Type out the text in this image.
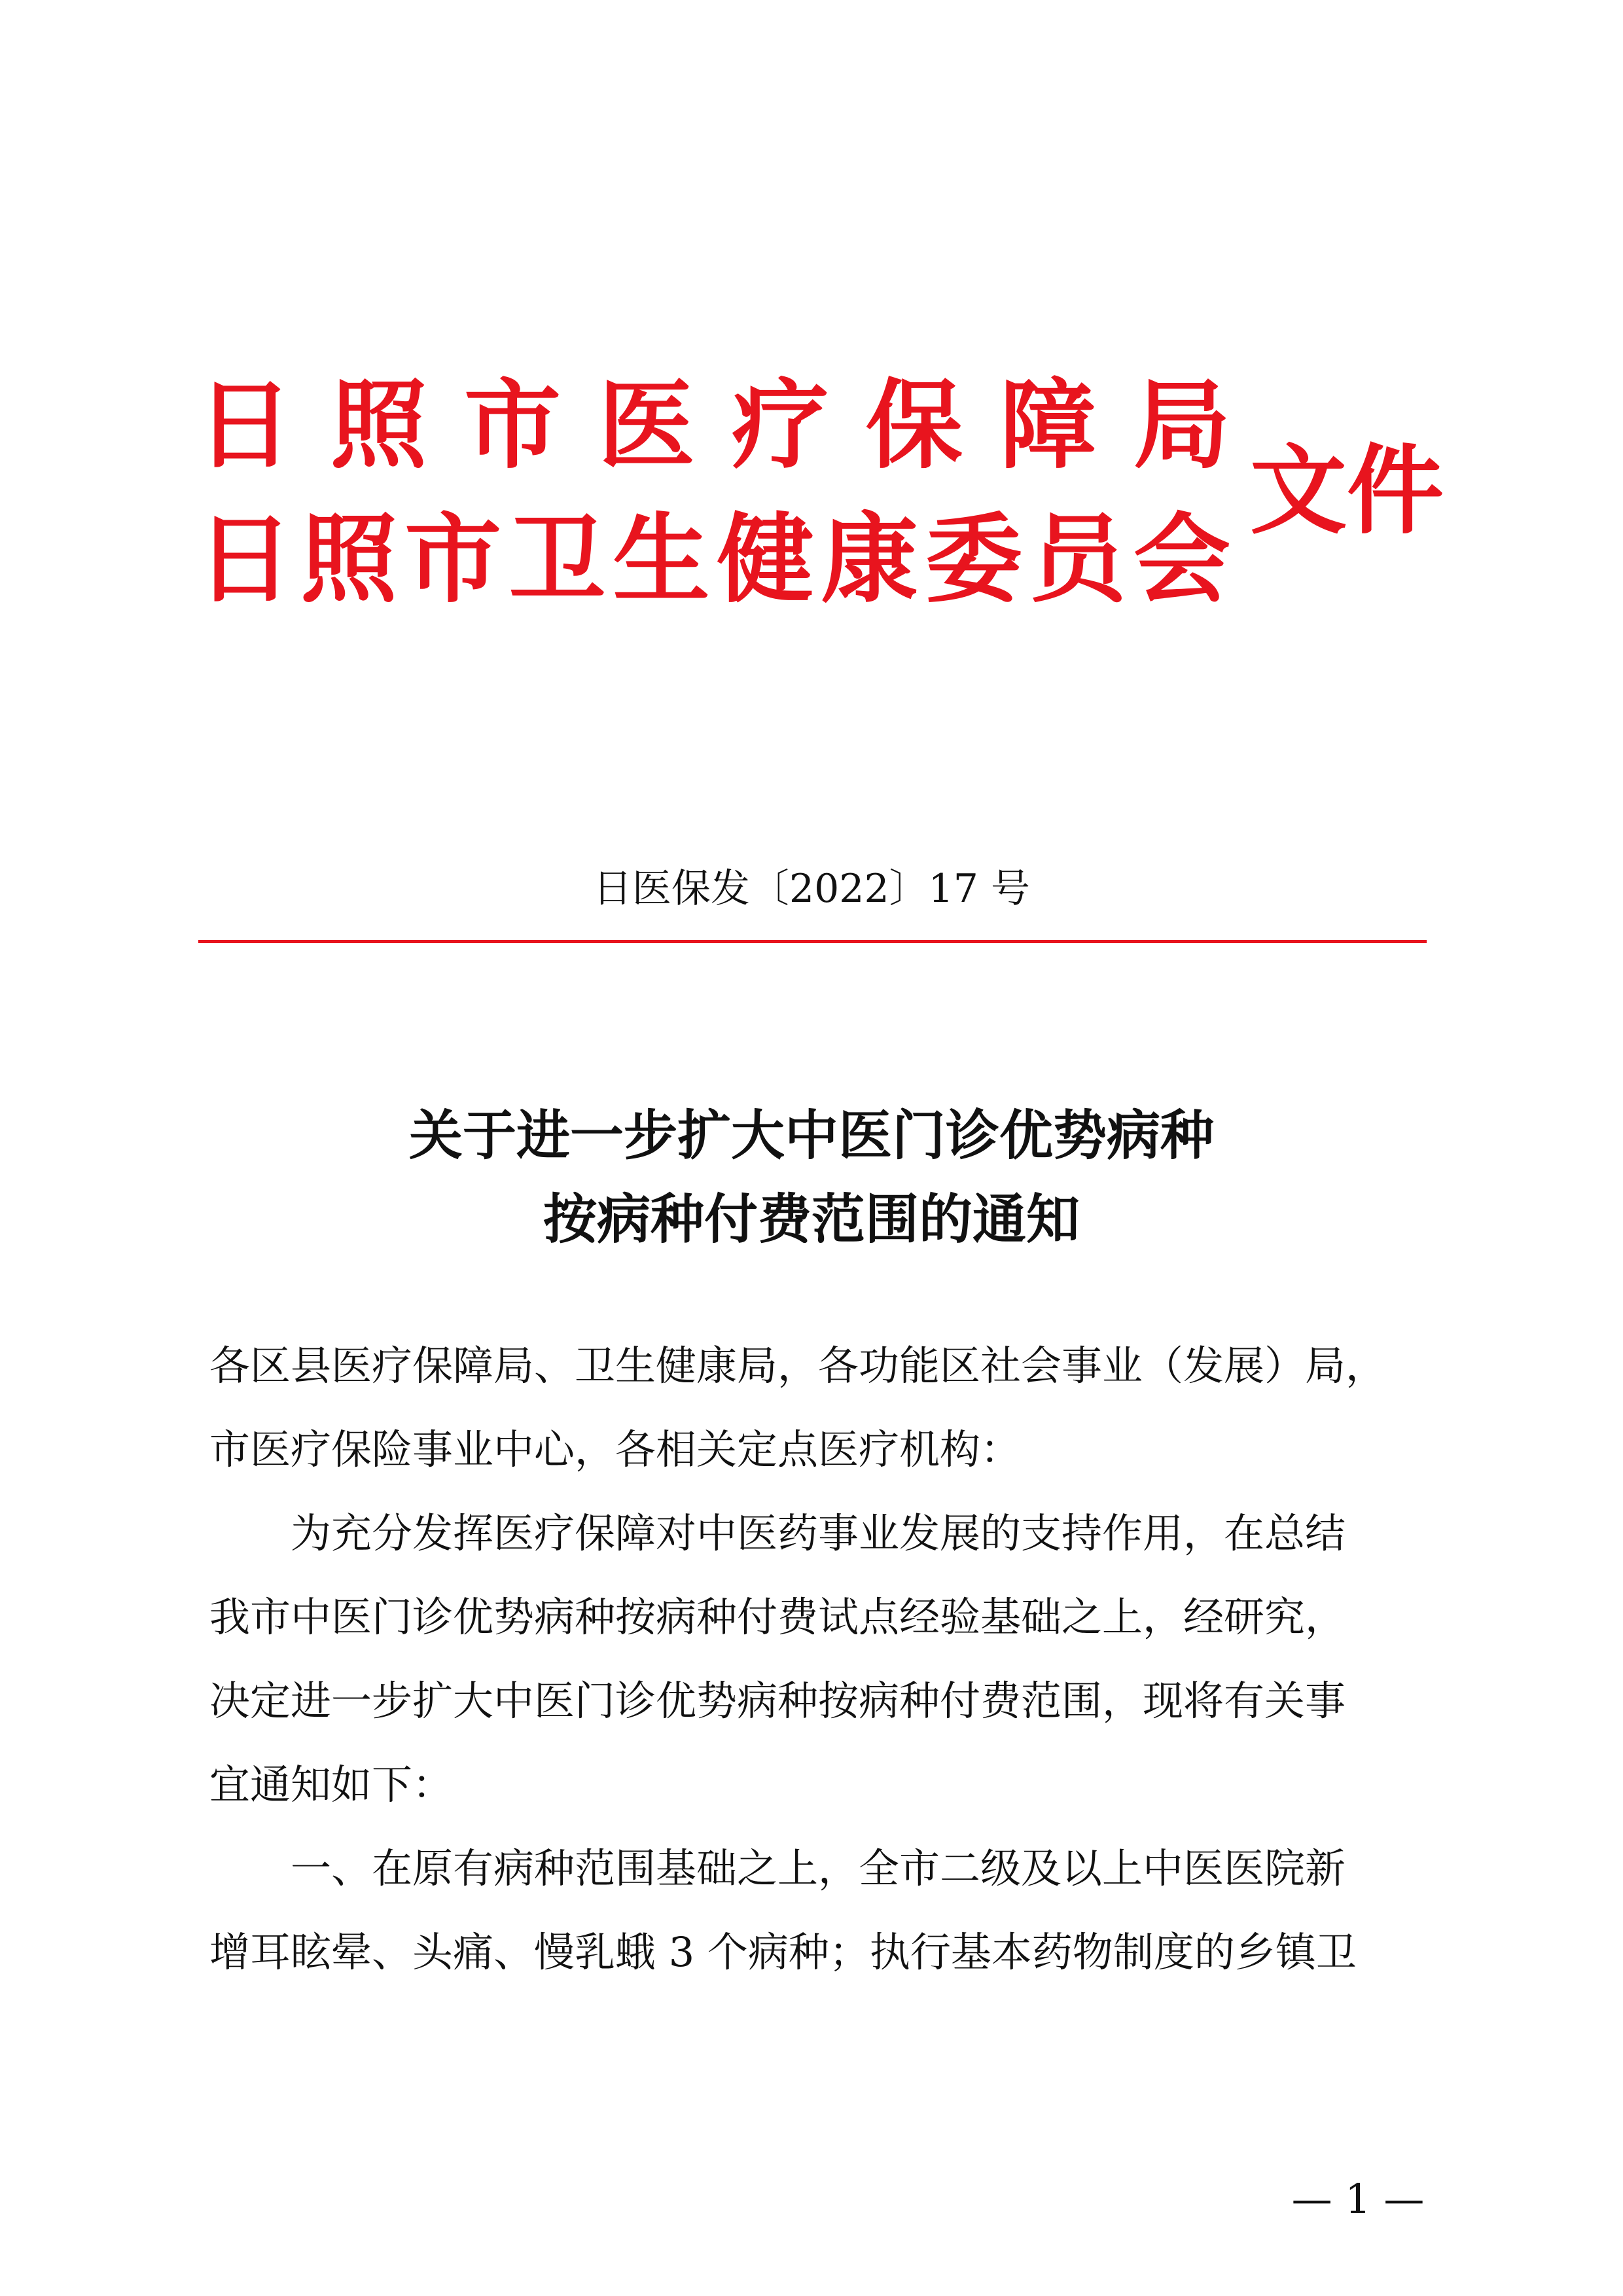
日 照 市 医 疗 保 障 局
日 照 市 卫 生 健 康 委 员 会
文件
日医保发〔2022〕17 号
关于进一步扩大中医门诊优势病种
按病种付费范围的通知
各区县医疗保障局、卫生健康局，各功能区社会事业（发展）局，
市医疗保险事业中心，各相关定点医疗机构：
　　为充分发挥医疗保障对中医药事业发展的支持作用，在总结
我市中医门诊优势病种按病种付费试点经验基础之上，经研究，
决定进一步扩大中医门诊优势病种按病种付费范围，现将有关事
宜通知如下：
　　一、在原有病种范围基础之上，全市二级及以上中医医院新
增耳眩晕、头痛、慢乳蛾 3 个病种；执行基本药物制度的乡镇卫
— 1 —
